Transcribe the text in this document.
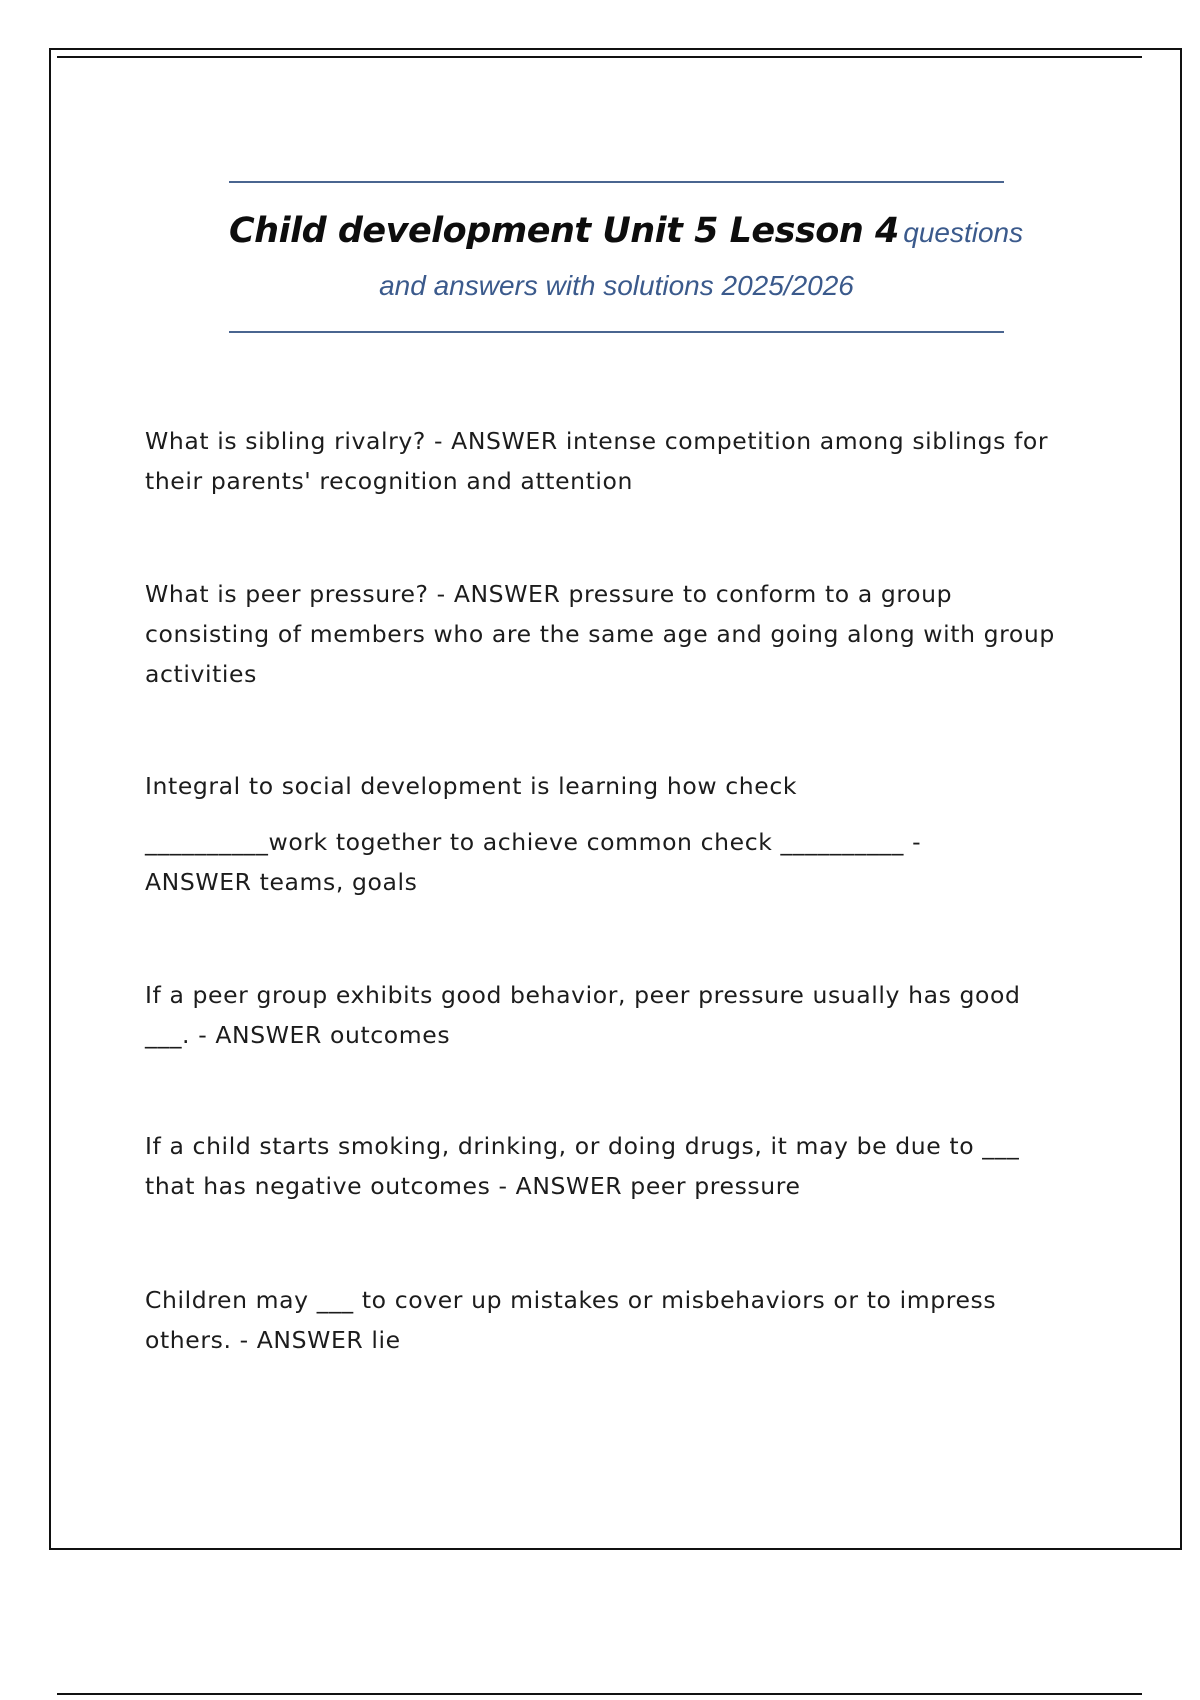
Child development Unit 5 Lesson 4 questions
and answers with solutions 2025/2026
What is sibling rivalry? - ANSWER intense competition among siblings for
their parents' recognition and attention
What is peer pressure? - ANSWER pressure to conform to a group
consisting of members who are the same age and going along with group
activities
Integral to social development is learning how check
__________work together to achieve common check __________ -
ANSWER teams, goals
If a peer group exhibits good behavior, peer pressure usually has good
___. - ANSWER outcomes
If a child starts smoking, drinking, or doing drugs, it may be due to ___
that has negative outcomes - ANSWER peer pressure
Children may ___ to cover up mistakes or misbehaviors or to impress
others. - ANSWER lie
